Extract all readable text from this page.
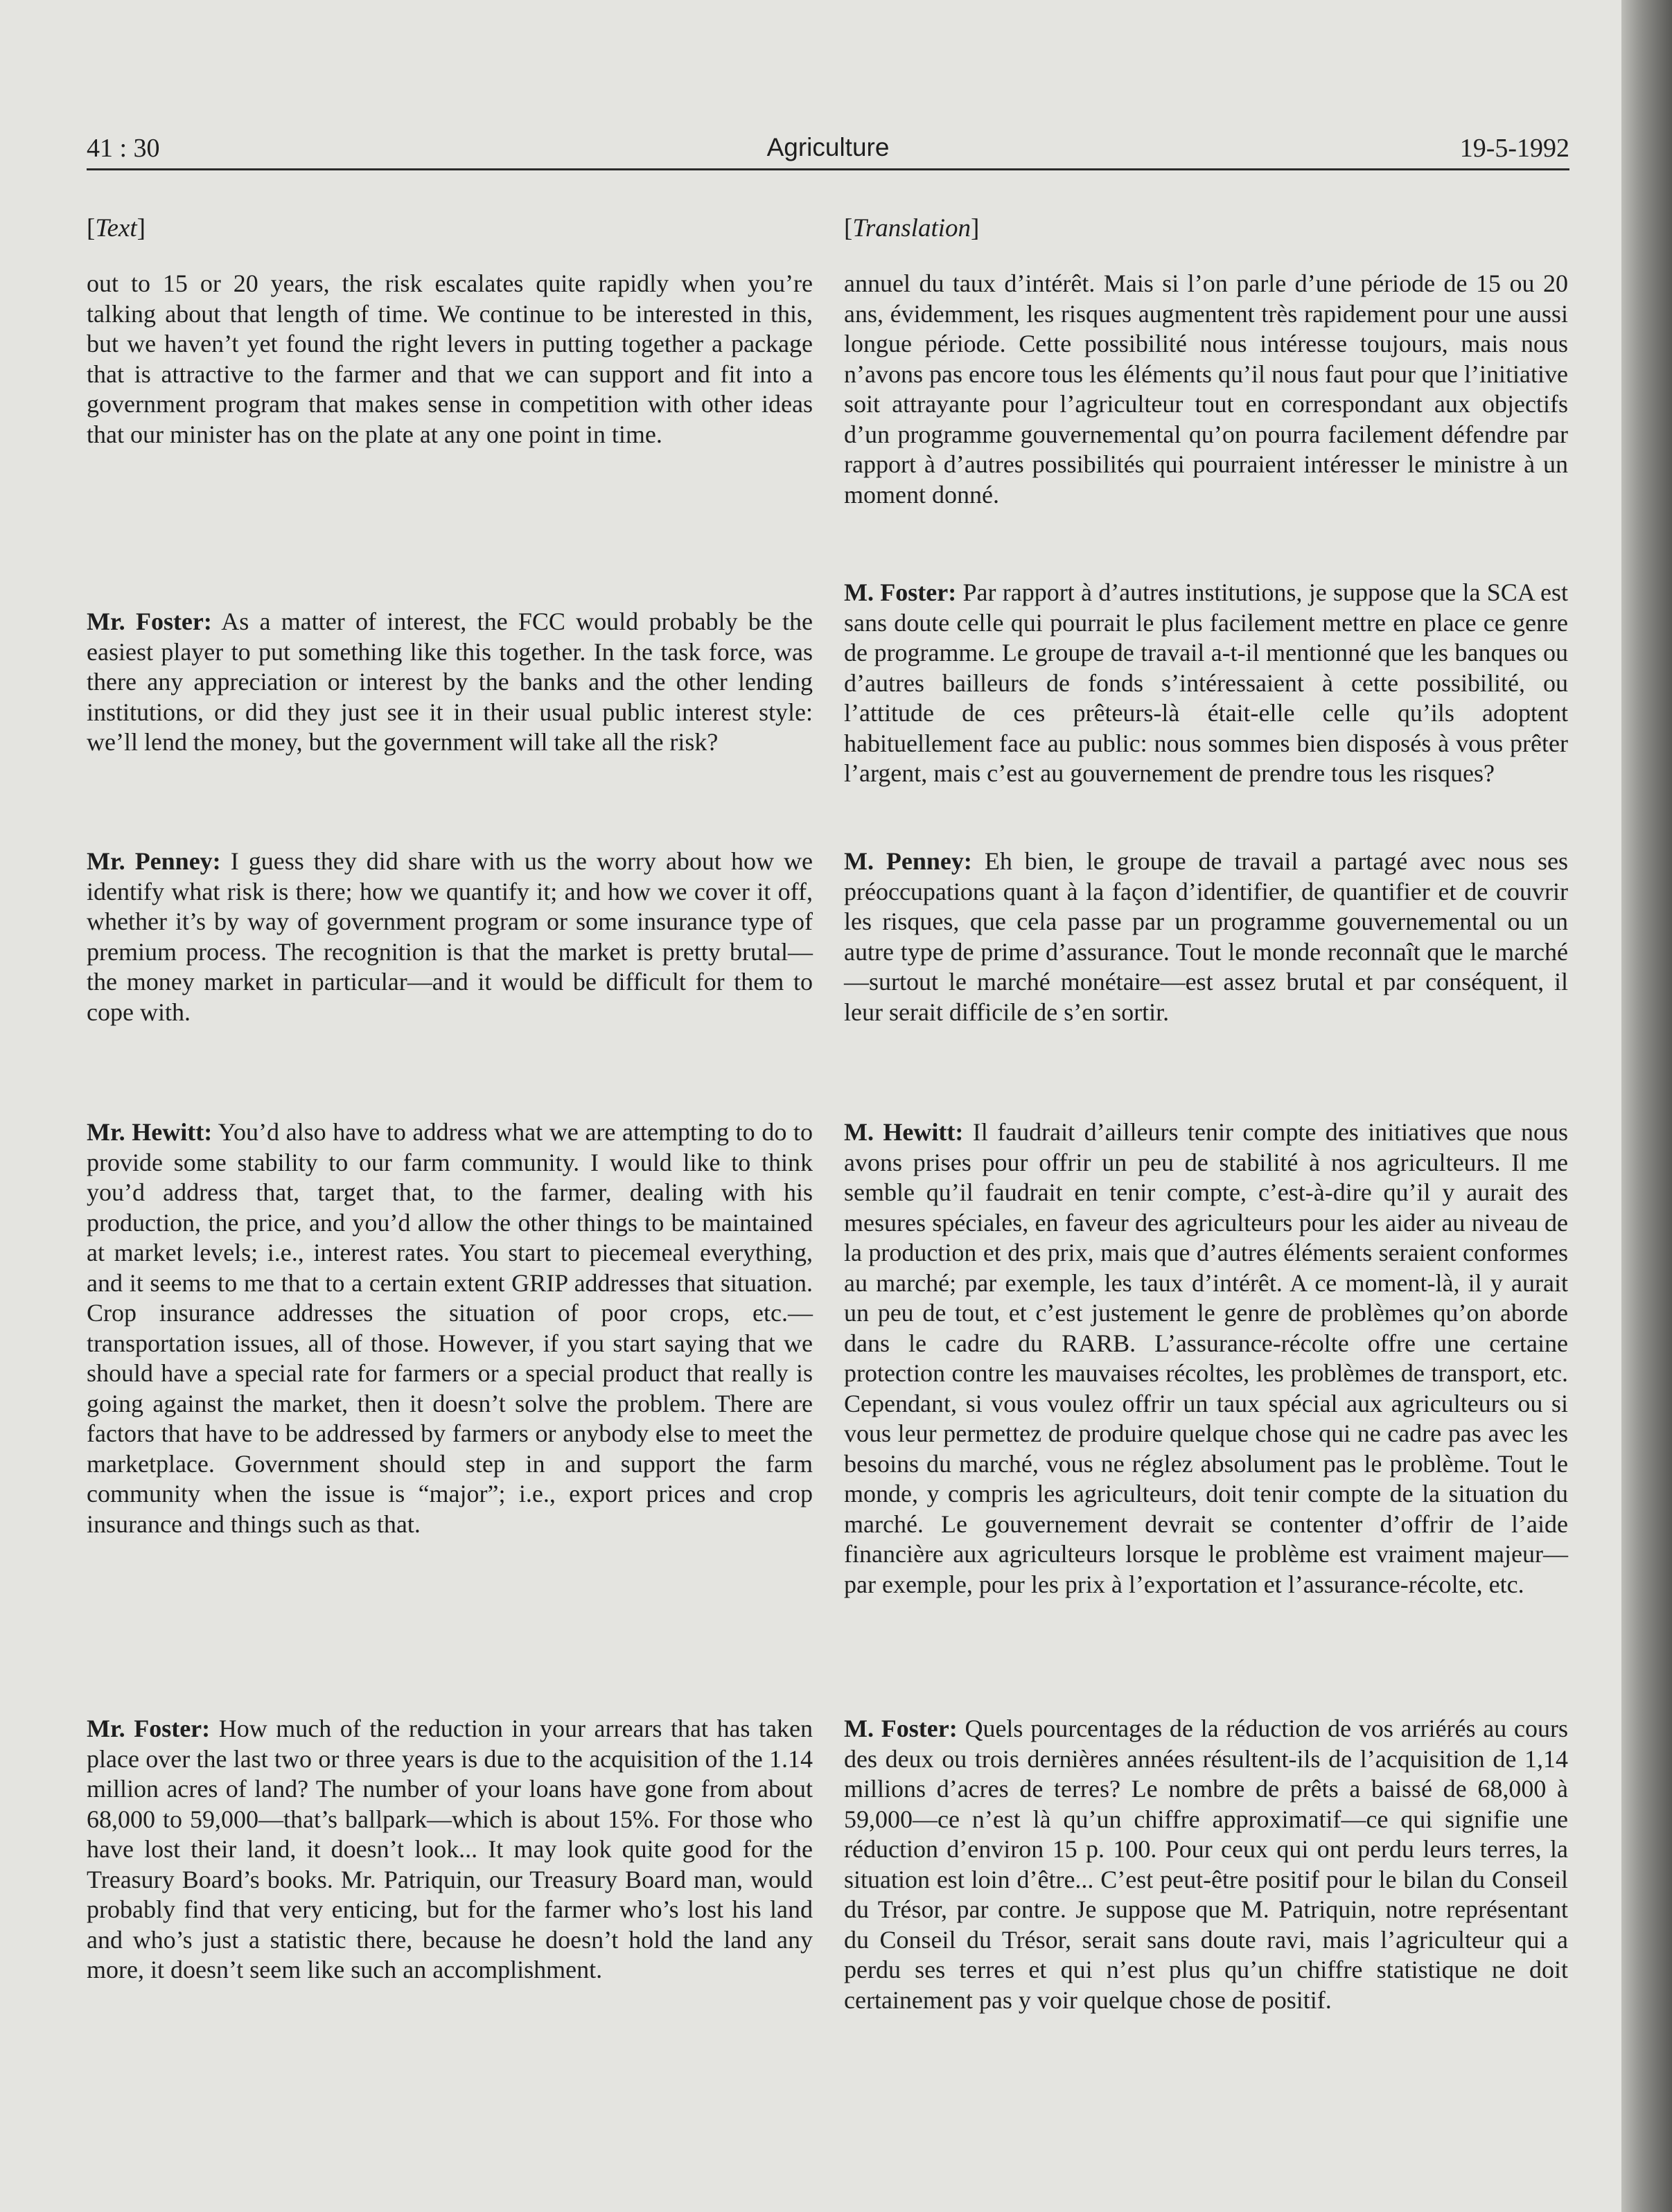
41 : 30	Agriculture	19-5-1992
[Text]

out to 15 or 20 years, the risk escalates quite rapidly when you’re talking about that length of time. We continue to be interested in this, but we haven’t yet found the right levers in putting together a package that is attractive to the farmer and that we can support and fit into a government program that makes sense in competition with other ideas that our minister has on the plate at any one point in time.

Mr. Foster: As a matter of interest, the FCC would probably be the easiest player to put something like this together. In the task force, was there any appreciation or interest by the banks and the other lending institutions, or did they just see it in their usual public interest style: we’ll lend the money, but the government will take all the risk?

Mr. Penney: I guess they did share with us the worry about how we identify what risk is there; how we quantify it; and how we cover it off, whether it’s by way of government program or some insurance type of premium process. The recognition is that the market is pretty brutal—the money market in particular—and it would be difficult for them to cope with.

Mr. Hewitt: You’d also have to address what we are attempting to do to provide some stability to our farm community. I would like to think you’d address that, target that, to the farmer, dealing with his production, the price, and you’d allow the other things to be maintained at market levels; i.e., interest rates. You start to piecemeal everything, and it seems to me that to a certain extent GRIP addresses that situation. Crop insurance addresses the situation of poor crops, etc.—transportation issues, all of those. However, if you start saying that we should have a special rate for farmers or a special product that really is going against the market, then it doesn’t solve the problem. There are factors that have to be addressed by farmers or anybody else to meet the marketplace. Government should step in and support the farm community when the issue is “major”; i.e., export prices and crop insurance and things such as that.

Mr. Foster: How much of the reduction in your arrears that has taken place over the last two or three years is due to the acquisition of the 1.14 million acres of land? The number of your loans have gone from about 68,000 to 59,000—that’s ballpark—which is about 15%. For those who have lost their land, it doesn’t look... It may look quite good for the Treasury Board’s books. Mr. Patriquin, our Treasury Board man, would probably find that very enticing, but for the farmer who’s lost his land and who’s just a statistic there, because he doesn’t hold the land any more, it doesn’t seem like such an accomplishment.

[Translation]

annuel du taux d’intérêt. Mais si l’on parle d’une période de 15 ou 20 ans, évidemment, les risques augmentent très rapidement pour une aussi longue période. Cette possibilité nous intéresse toujours, mais nous n’avons pas encore tous les éléments qu’il nous faut pour que l’initiative soit attrayante pour l’agriculteur tout en correspondant aux objectifs d’un programme gouvernemental qu’on pourra facilement défendre par rapport à d’autres possibilités qui pourraient intéresser le ministre à un moment donné.

M. Foster: Par rapport à d’autres institutions, je suppose que la SCA est sans doute celle qui pourrait le plus facilement mettre en place ce genre de programme. Le groupe de travail a-t-il mentionné que les banques ou d’autres bailleurs de fonds s’intéressaient à cette possibilité, ou l’attitude de ces prêteurs-là était-elle celle qu’ils adoptent habituellement face au public: nous sommes bien disposés à vous prêter l’argent, mais c’est au gouvernement de prendre tous les risques?

M. Penney: Eh bien, le groupe de travail a partagé avec nous ses préoccupations quant à la façon d’identifier, de quantifier et de couvrir les risques, que cela passe par un programme gouvernemental ou un autre type de prime d’assurance. Tout le monde reconnaît que le marché—surtout le marché monétaire—est assez brutal et par conséquent, il leur serait difficile de s’en sortir.

M. Hewitt: Il faudrait d’ailleurs tenir compte des initiatives que nous avons prises pour offrir un peu de stabilité à nos agriculteurs. Il me semble qu’il faudrait en tenir compte, c’est-à-dire qu’il y aurait des mesures spéciales, en faveur des agriculteurs pour les aider au niveau de la production et des prix, mais que d’autres éléments seraient conformes au marché; par exemple, les taux d’intérêt. A ce moment-là, il y aurait un peu de tout, et c’est justement le genre de problèmes qu’on aborde dans le cadre du RARB. L’assurance-récolte offre une certaine protection contre les mauvaises récoltes, les problèmes de transport, etc. Cependant, si vous voulez offrir un taux spécial aux agriculteurs ou si vous leur permettez de produire quelque chose qui ne cadre pas avec les besoins du marché, vous ne réglez absolument pas le problème. Tout le monde, y compris les agriculteurs, doit tenir compte de la situation du marché. Le gouvernement devrait se contenter d’offrir de l’aide financière aux agriculteurs lorsque le problème est vraiment majeur—par exemple, pour les prix à l’exportation et l’assurance-récolte, etc.

M. Foster: Quels pourcentages de la réduction de vos arriérés au cours des deux ou trois dernières années résultent-ils de l’acquisition de 1,14 millions d’acres de terres? Le nombre de prêts a baissé de 68,000 à 59,000—ce n’est là qu’un chiffre approximatif—ce qui signifie une réduction d’environ 15 p. 100. Pour ceux qui ont perdu leurs terres, la situation est loin d’être... C’est peut-être positif pour le bilan du Conseil du Trésor, par contre. Je suppose que M. Patriquin, notre représentant du Conseil du Trésor, serait sans doute ravi, mais l’agriculteur qui a perdu ses terres et qui n’est plus qu’un chiffre statistique ne doit certainement pas y voir quelque chose de positif.
